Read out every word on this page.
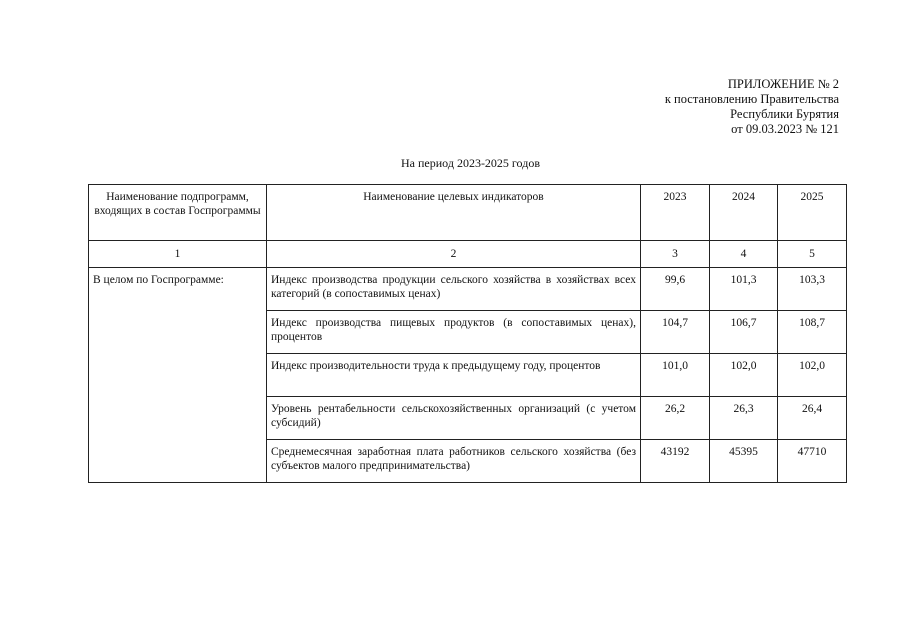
ПРИЛОЖЕНИЕ № 2
к постановлению Правительства
Республики Бурятия
от 09.03.2023 № 121
На период 2023-2025 годов
Наименование подпрограмм, входящих в состав Госпрограммы	Наименование целевых индикаторов	2023	2024	2025
1	2	3	4	5
В целом по Госпрограмме:	Индекс производства продукции сельского хозяйства в хозяйствах всех категорий (в сопоставимых ценах)	99,6	101,3	103,3
	Индекс производства пищевых продуктов (в сопоставимых ценах), процентов	104,7	106,7	108,7
	Индекс производительности труда к предыдущему году, процентов	101,0	102,0	102,0
	Уровень рентабельности сельскохозяйственных организаций (с учетом субсидий)	26,2	26,3	26,4
	Среднемесячная заработная плата работников сельского хозяйства (без субъектов малого предпринимательства)	43192	45395	47710
